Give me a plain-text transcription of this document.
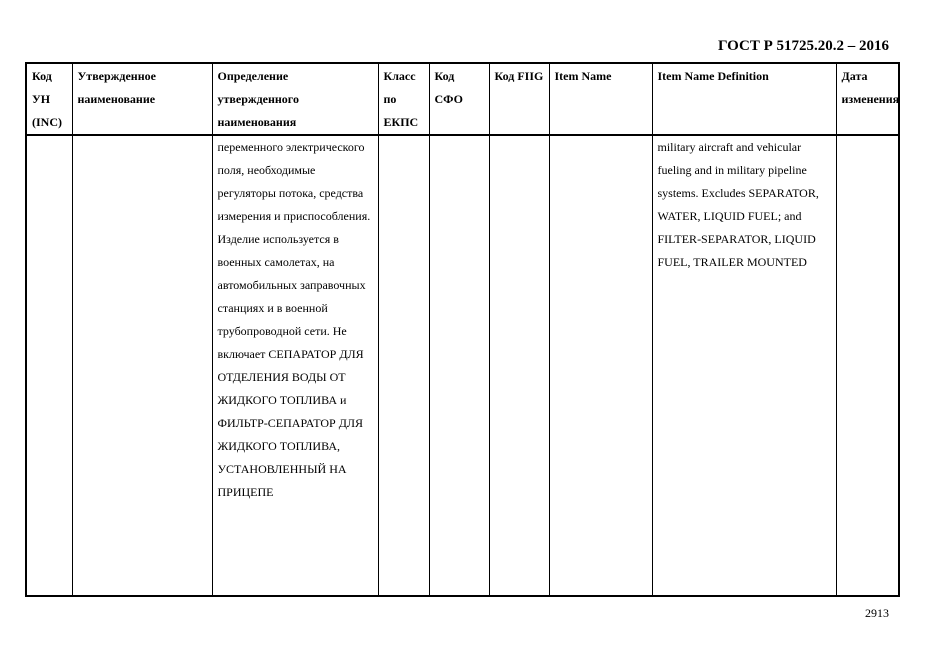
ГОСТ Р 51725.20.2 – 2016
Код УН (INC)	Утвержденное наименование	Определение утвержденного наименования	Класс по ЕКПС	Код СФО	Код FIIG	Item Name	Item Name Definition	Дата изменения

		переменного электрического поля, необходимые регуляторы потока, средства измерения и приспособления. Изделие используется в военных самолетах, на автомобильных заправочных станциях и в военной трубопроводной сети. Не включает СЕПАРАТОР ДЛЯ ОТДЕЛЕНИЯ ВОДЫ ОТ ЖИДКОГО ТОПЛИВА и ФИЛЬТР-СЕПАРАТОР ДЛЯ ЖИДКОГО ТОПЛИВА, УСТАНОВЛЕННЫЙ НА ПРИЦЕПЕ					military aircraft and vehicular fueling and in military pipeline systems. Excludes SEPARATOR, WATER, LIQUID FUEL; and FILTER-SEPARATOR, LIQUID FUEL, TRAILER MOUNTED	

2913
